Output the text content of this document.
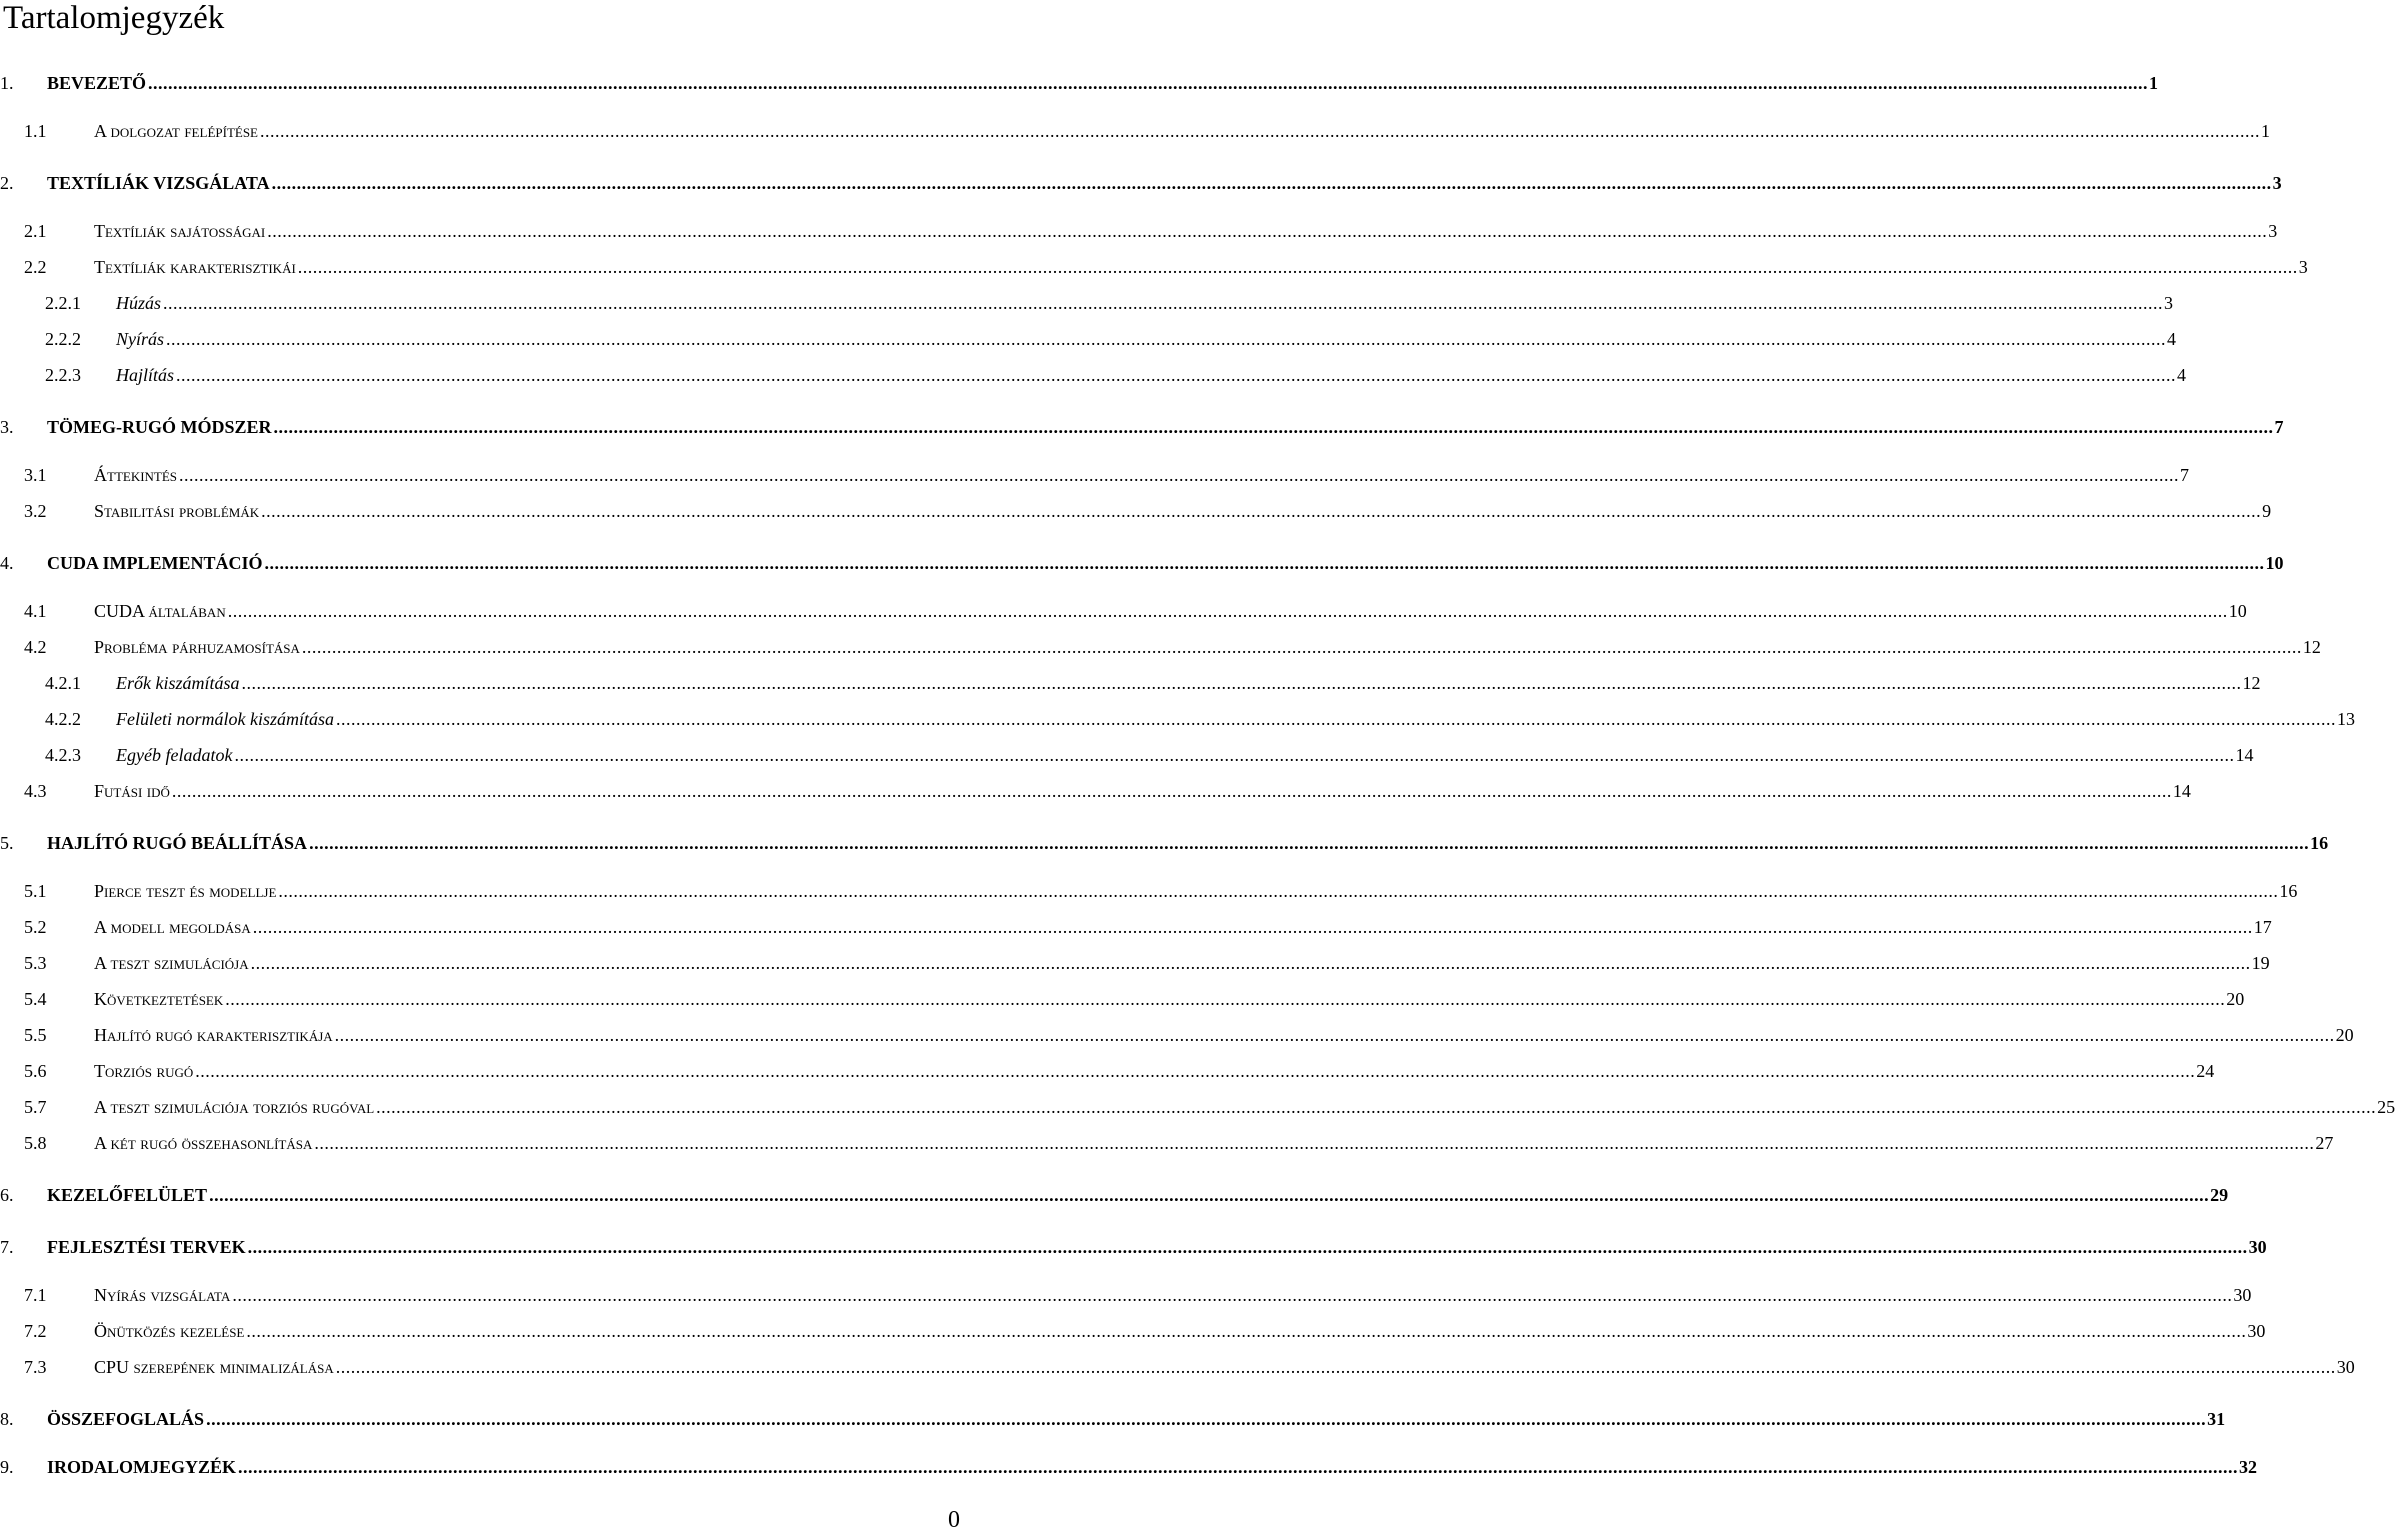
Tartalomjegyzék
1.	BEVEZETŐ ................................................................................................................................................................................................................................................................................................................................................................................................................ 1
1.1	A dolgozat felépítése ................................................................................................................................................................................................................................................................................................................................................................................................................ 1
2.	TEXTÍLIÁK VIZSGÁLATA ................................................................................................................................................................................................................................................................................................................................................................................................................ 3
2.1	Textíliák sajátosságai ................................................................................................................................................................................................................................................................................................................................................................................................................ 3
2.2	Textíliák karakterisztikái ................................................................................................................................................................................................................................................................................................................................................................................................................ 3
2.2.1	Húzás ................................................................................................................................................................................................................................................................................................................................................................................................................ 3
2.2.2	Nyírás ................................................................................................................................................................................................................................................................................................................................................................................................................ 4
2.2.3	Hajlítás ................................................................................................................................................................................................................................................................................................................................................................................................................ 4
3.	TÖMEG-RUGÓ MÓDSZER ................................................................................................................................................................................................................................................................................................................................................................................................................ 7
3.1	Áttekintés ................................................................................................................................................................................................................................................................................................................................................................................................................ 7
3.2	Stabilitási problémák ................................................................................................................................................................................................................................................................................................................................................................................................................ 9
4.	CUDA IMPLEMENTÁCIÓ ................................................................................................................................................................................................................................................................................................................................................................................................................ 10
4.1	CUDA általában ................................................................................................................................................................................................................................................................................................................................................................................................................ 10
4.2	Probléma párhuzamosítása ................................................................................................................................................................................................................................................................................................................................................................................................................ 12
4.2.1	Erők kiszámítása ................................................................................................................................................................................................................................................................................................................................................................................................................ 12
4.2.2	Felületi normálok kiszámítása ................................................................................................................................................................................................................................................................................................................................................................................................................ 13
4.2.3	Egyéb feladatok ................................................................................................................................................................................................................................................................................................................................................................................................................ 14
4.3	Futási idő ................................................................................................................................................................................................................................................................................................................................................................................................................ 14
5.	HAJLÍTÓ RUGÓ BEÁLLÍTÁSA ................................................................................................................................................................................................................................................................................................................................................................................................................ 16
5.1	Pierce teszt és modellje ................................................................................................................................................................................................................................................................................................................................................................................................................ 16
5.2	A modell megoldása ................................................................................................................................................................................................................................................................................................................................................................................................................ 17
5.3	A teszt szimulációja ................................................................................................................................................................................................................................................................................................................................................................................................................ 19
5.4	Következtetések ................................................................................................................................................................................................................................................................................................................................................................................................................ 20
5.5	Hajlító rugó karakterisztikája ................................................................................................................................................................................................................................................................................................................................................................................................................ 20
5.6	Torziós rugó ................................................................................................................................................................................................................................................................................................................................................................................................................ 24
5.7	A teszt szimulációja torziós rugóval ................................................................................................................................................................................................................................................................................................................................................................................................................ 25
5.8	A két rugó összehasonlítása ................................................................................................................................................................................................................................................................................................................................................................................................................ 27
6.	KEZELŐFELÜLET ................................................................................................................................................................................................................................................................................................................................................................................................................ 29
7.	FEJLESZTÉSI TERVEK ................................................................................................................................................................................................................................................................................................................................................................................................................ 30
7.1	Nyírás vizsgálata ................................................................................................................................................................................................................................................................................................................................................................................................................ 30
7.2	Önütközés kezelése ................................................................................................................................................................................................................................................................................................................................................................................................................ 30
7.3	CPU szerepének minimalizálása ................................................................................................................................................................................................................................................................................................................................................................................................................ 30
8.	ÖSSZEFOGLALÁS ................................................................................................................................................................................................................................................................................................................................................................................................................ 31
9.	IRODALOMJEGYZÉK ................................................................................................................................................................................................................................................................................................................................................................................................................ 32
0
